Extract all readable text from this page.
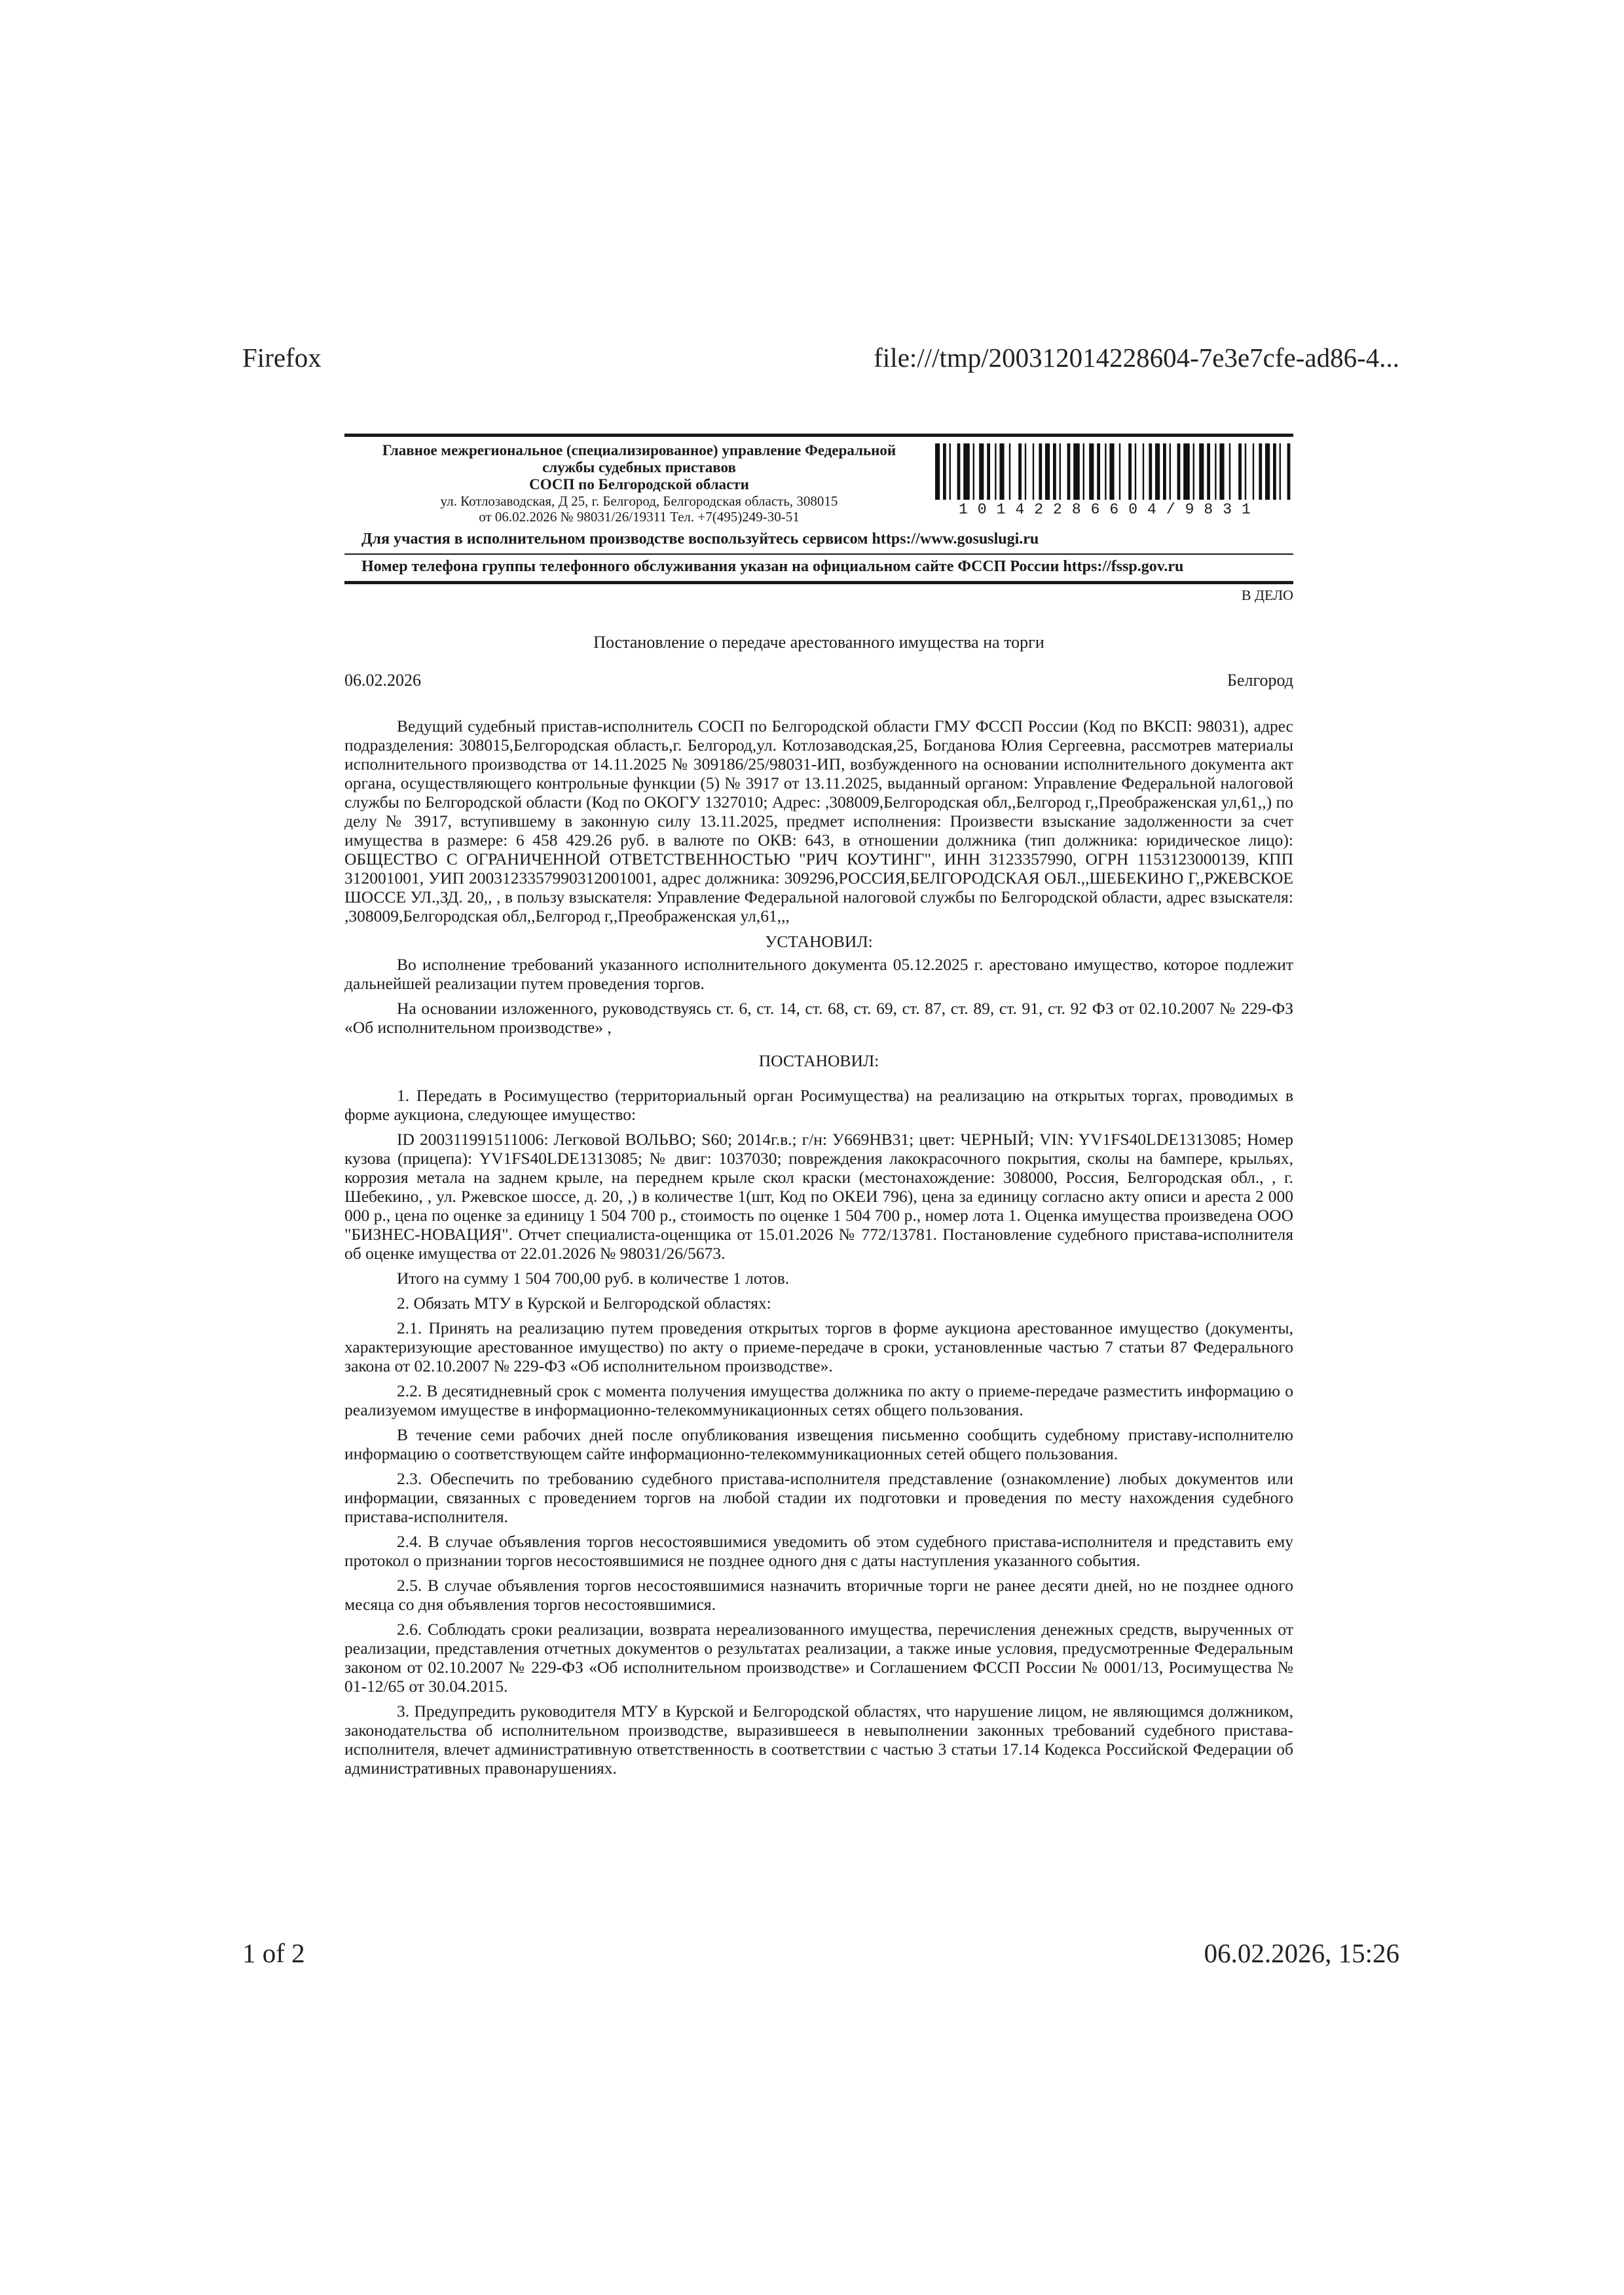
Firefox	file:///tmp/200312014228604-7e3e7cfe-ad86-4...
Главное межрегиональное (специализированное) управление Федеральной
службы судебных приставов
СОСП по Белгородской области
ул. Котлозаводская, Д 25, г. Белгород, Белгородская область, 308015
от 06.02.2026 № 98031/26/19311 Тел. +7(495)249-30-51	10142286604/9831
Для участия в исполнительном производстве воспользуйтесь сервисом https://www.gosuslugi.ru
Номер телефона группы телефонного обслуживания указан на официальном сайте ФССП России https://fssp.gov.ru
В ДЕЛО
Постановление о передаче арестованного имущества на торги
06.02.2026	Белгород

Ведущий судебный пристав-исполнитель СОСП по Белгородской области ГМУ ФССП России (Код по ВКСП: 98031), адрес подразделения: 308015,Белгородская область,г. Белгород,ул. Котлозаводская,25, Богданова Юлия Сергеевна, рассмотрев материалы исполнительного производства от 14.11.2025 № 309186/25/98031-ИП, возбужденного на основании исполнительного документа акт органа, осуществляющего контрольные функции (5) № 3917 от 13.11.2025, выданный органом: Управление Федеральной налоговой службы по Белгородской области (Код по ОКОГУ 1327010; Адрес: ,308009,Белгородская обл,,Белгород г,,Преображенская ул,61,,) по делу № 3917, вступившему в законную силу 13.11.2025, предмет исполнения: Произвести взыскание задолженности за счет имущества в размере: 6 458 429.26 руб. в валюте по ОКВ: 643, в отношении должника (тип должника: юридическое лицо): ОБЩЕСТВО С ОГРАНИЧЕННОЙ ОТВЕТСТВЕННОСТЬЮ "РИЧ КОУТИНГ", ИНН 3123357990, ОГРН 1153123000139, КПП 312001001, УИП 20031233579903120010​01, адрес должника: 309296,РОССИЯ,БЕЛГОРОДСКАЯ ОБЛ.,,ШЕБЕКИНО Г,,РЖЕВСКОЕ ШОССЕ УЛ.,ЗД. 20,, , в пользу взыскателя: Управление Федеральной налоговой службы по Белгородской области, адрес взыскателя: ,308009,Белгородская обл,,Белгород г,,Преображенская ул,61,,,

УСТАНОВИЛ:

Во исполнение требований указанного исполнительного документа 05.12.2025 г. арестовано имущество, которое подлежит дальнейшей реализации путем проведения торгов.

На основании изложенного, руководствуясь ст. 6, ст. 14, ст. 68, ст. 69, ст. 87, ст. 89, ст. 91, ст. 92 ФЗ от 02.10.2007 № 229-ФЗ «Об исполнительном производстве» ,

ПОСТАНОВИЛ:

1. Передать в Росимущество (территориальный орган Росимущества) на реализацию на открытых торгах, проводимых в форме аукциона, следующее имущество:

ID 200311991511006: Легковой ВОЛЬВО; S60; 2014г.в.; г/н: У669НВ31; цвет: ЧЕРНЫЙ; VIN: YV1FS40LDE1313085; Номер кузова (прицепа): YV1FS40LDE1313085; № двиг: 1037030; повреждения лакокрасочного покрытия, сколы на бампере, крыльях, коррозия метала на заднем крыле, на переднем крыле скол краски (местонахождение: 308000, Россия, Белгородская обл., , г. Шебекино, , ул. Ржевское шоссе, д. 20, ,) в количестве 1(шт, Код по ОКЕИ 796), цена за единицу согласно акту описи и ареста 2 000 000 р., цена по оценке за единицу 1 504 700 р., стоимость по оценке 1 504 700 р., номер лота 1. Оценка имущества произведена ООО "БИЗНЕС-НОВАЦИЯ". Отчет специалиста-оценщика от 15.01.2026 № 772/13781. Постановление судебного пристава-исполнителя об оценке имущества от 22.01.2026 № 98031/26/5673.

Итого на сумму 1 504 700,00 руб. в количестве 1 лотов.

2. Обязать МТУ в Курской и Белгородской областях:

2.1. Принять на реализацию путем проведения открытых торгов в форме аукциона арестованное имущество (документы, характеризующие арестованное имущество) по акту о приеме-передаче в сроки, установленные частью 7 статьи 87 Федерального закона от 02.10.2007 № 229-ФЗ «Об исполнительном производстве».

2.2. В десятидневный срок с момента получения имущества должника по акту о приеме-передаче разместить информацию о реализуемом имуществе в информационно-телекоммуникационных сетях общего пользования.

В течение семи рабочих дней после опубликования извещения письменно сообщить судебному приставу-исполнителю информацию о соответствующем сайте информационно-телекоммуникационных сетей общего пользования.

2.3. Обеспечить по требованию судебного пристава-исполнителя представление (ознакомление) любых документов или информации, связанных с проведением торгов на любой стадии их подготовки и проведения по месту нахождения судебного пристава-исполнителя.

2.4. В случае объявления торгов несостоявшимися уведомить об этом судебного пристава-исполнителя и представить ему протокол о признании торгов несостоявшимися не позднее одного дня с даты наступления указанного события.

2.5. В случае объявления торгов несостоявшимися назначить вторичные торги не ранее десяти дней, но не позднее одного месяца со дня объявления торгов несостоявшимися.

2.6. Соблюдать сроки реализации, возврата нереализованного имущества, перечисления денежных средств, вырученных от реализации, представления отчетных документов о результатах реализации, а также иные условия, предусмотренные Федеральным законом от 02.10.2007 № 229-ФЗ «Об исполнительном производстве» и Соглашением ФССП России № 0001/13, Росимущества № 01-12/65 от 30.04.2015.

3. Предупредить руководителя МТУ в Курской и Белгородской областях, что нарушение лицом, не являющимся должником, законодательства об исполнительном производстве, выразившееся в невыполнении законных требований судебного пристава-исполнителя, влечет административную ответственность в соответствии с частью 3 статьи 17.14 Кодекса Российской Федерации об административных правонарушениях.

1 of 2	06.02.2026, 15:26
